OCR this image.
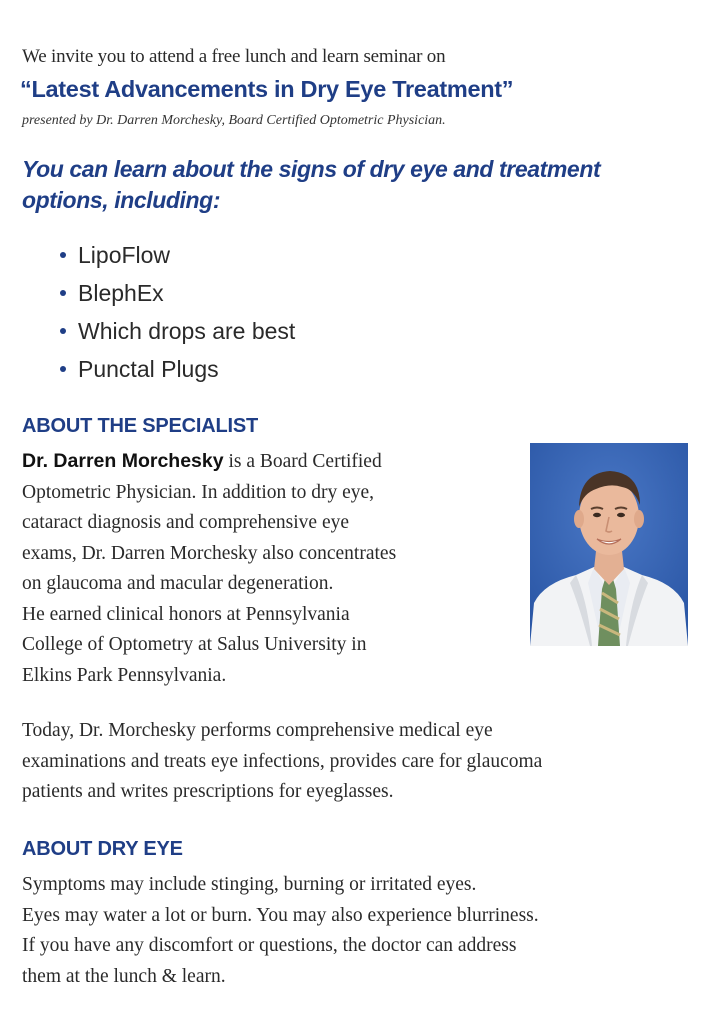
We invite you to attend a free lunch and learn seminar on
“Latest Advancements in Dry Eye Treatment”
presented by Dr. Darren Morchesky, Board Certified Optometric Physician.
You can learn about the signs of dry eye and treatment
options, including:
LipoFlow
BlephEx
Which drops are best
Punctal Plugs
ABOUT THE SPECIALIST
Dr. Darren Morchesky is a Board Certified
Optometric Physician. In addition to dry eye,
cataract diagnosis and comprehensive eye
exams, Dr. Darren Morchesky also concentrates
on glaucoma and macular degeneration.
He earned clinical honors at Pennsylvania
College of Optometry at Salus University in
Elkins Park Pennsylvania.
Today, Dr. Morchesky performs comprehensive medical eye
examinations and treats eye infections, provides care for glaucoma
patients and writes prescriptions for eyeglasses.
ABOUT DRY EYE
Symptoms may include stinging, burning or irritated eyes.
Eyes may water a lot or burn. You may also experience blurriness.
If you have any discomfort or questions, the doctor can address
them at the lunch & learn.
